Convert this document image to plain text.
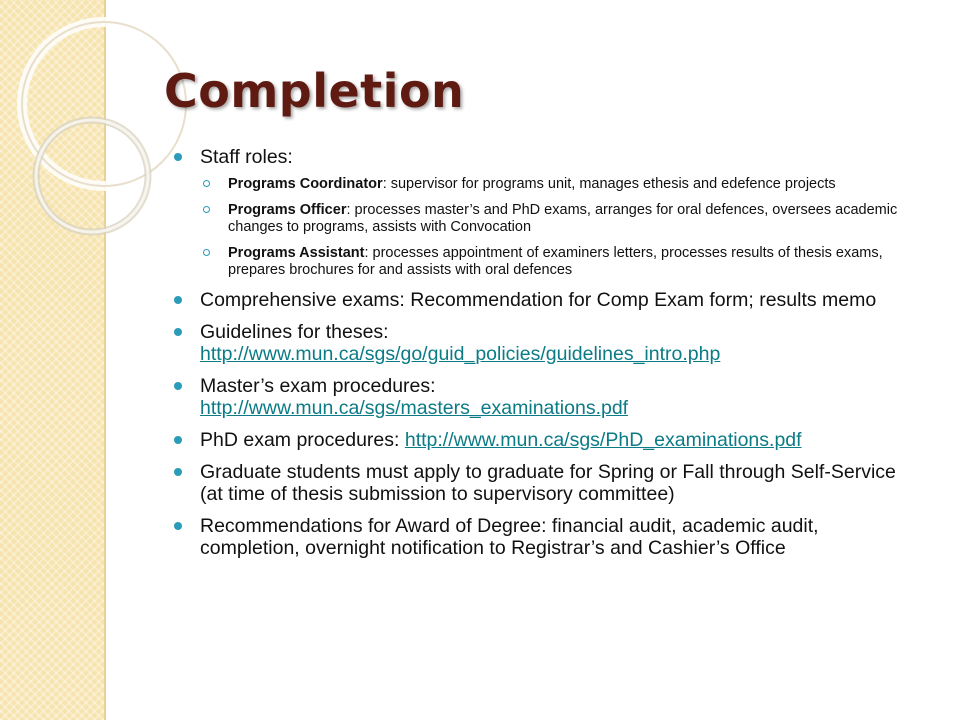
Completion
Staff roles:
Programs Coordinator: supervisor for programs unit, manages ethesis and edefence projects
Programs Officer: processes master’s and PhD exams, arranges for oral defences, oversees academic changes to programs, assists with Convocation
Programs Assistant: processes appointment of examiners letters, processes results of thesis exams, prepares brochures for and assists with oral defences
Comprehensive exams: Recommendation for Comp Exam form; results memo
Guidelines for theses:
http://www.mun.ca/sgs/go/guid_policies/guidelines_intro.php
Master’s exam procedures:
http://www.mun.ca/sgs/masters_examinations.pdf
PhD exam procedures: http://www.mun.ca/sgs/PhD_examinations.pdf
Graduate students must apply to graduate for Spring or Fall through Self-Service (at time of thesis submission to supervisory committee)
Recommendations for Award of Degree: financial audit, academic audit, completion, overnight notification to Registrar’s and Cashier’s Office
